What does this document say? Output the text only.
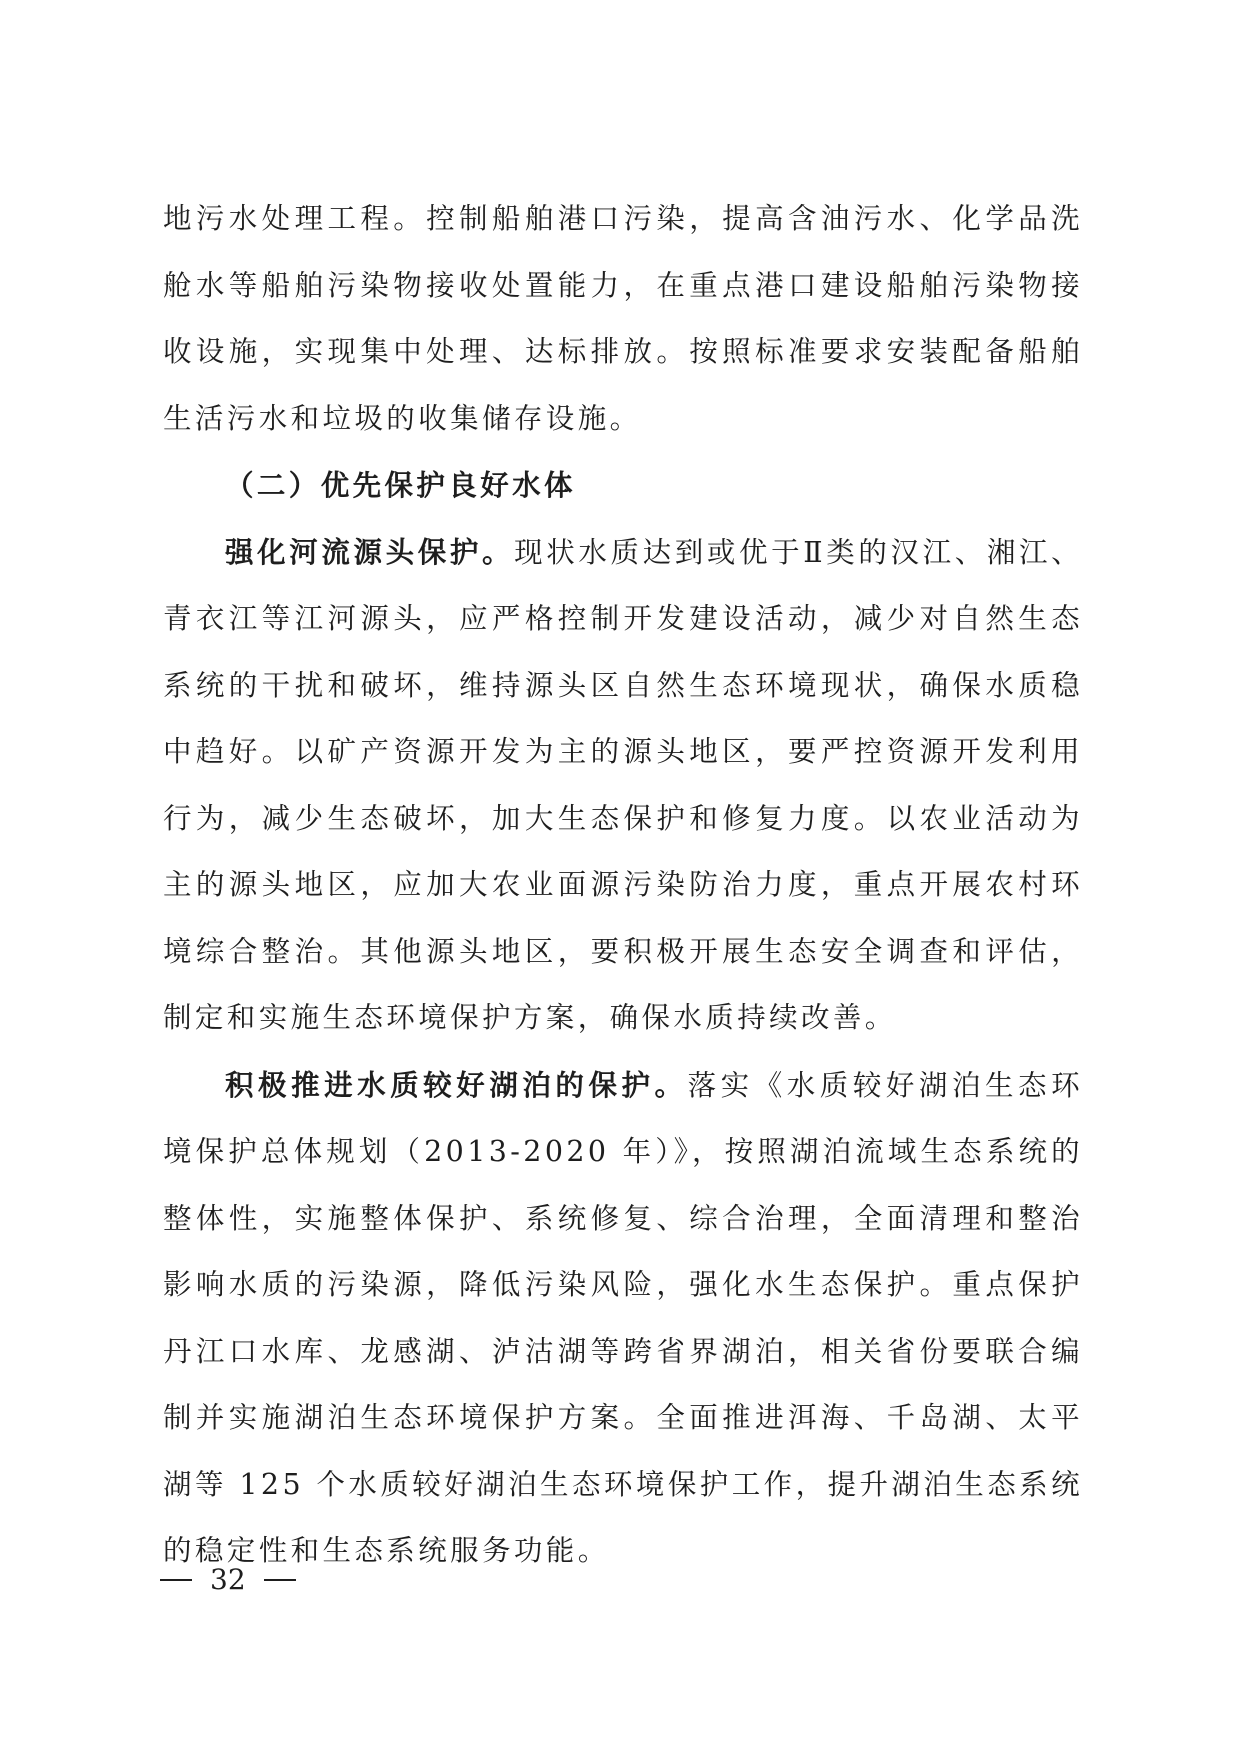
地污水处理工程。控制船舶港口污染，提高含油污水、化学品洗舱水等船舶污染物接收处置能力，在重点港口建设船舶污染物接收设施，实现集中处理、达标排放。按照标准要求安装配备船舶生活污水和垃圾的收集储存设施。

（二）优先保护良好水体

强化河流源头保护。现状水质达到或优于Ⅱ类的汉江、湘江、青衣江等江河源头，应严格控制开发建设活动，减少对自然生态系统的干扰和破坏，维持源头区自然生态环境现状，确保水质稳中趋好。以矿产资源开发为主的源头地区，要严控资源开发利用行为，减少生态破坏，加大生态保护和修复力度。以农业活动为主的源头地区，应加大农业面源污染防治力度，重点开展农村环境综合整治。其他源头地区，要积极开展生态安全调查和评估，制定和实施生态环境保护方案，确保水质持续改善。

积极推进水质较好湖泊的保护。落实《水质较好湖泊生态环境保护总体规划（2013-2020 年）》，按照湖泊流域生态系统的整体性，实施整体保护、系统修复、综合治理，全面清理和整治影响水质的污染源，降低污染风险，强化水生态保护。重点保护丹江口水库、龙感湖、泸沽湖等跨省界湖泊，相关省份要联合编制并实施湖泊生态环境保护方案。全面推进洱海、千岛湖、太平湖等 125 个水质较好湖泊生态环境保护工作，提升湖泊生态系统的稳定性和生态系统服务功能。

32
